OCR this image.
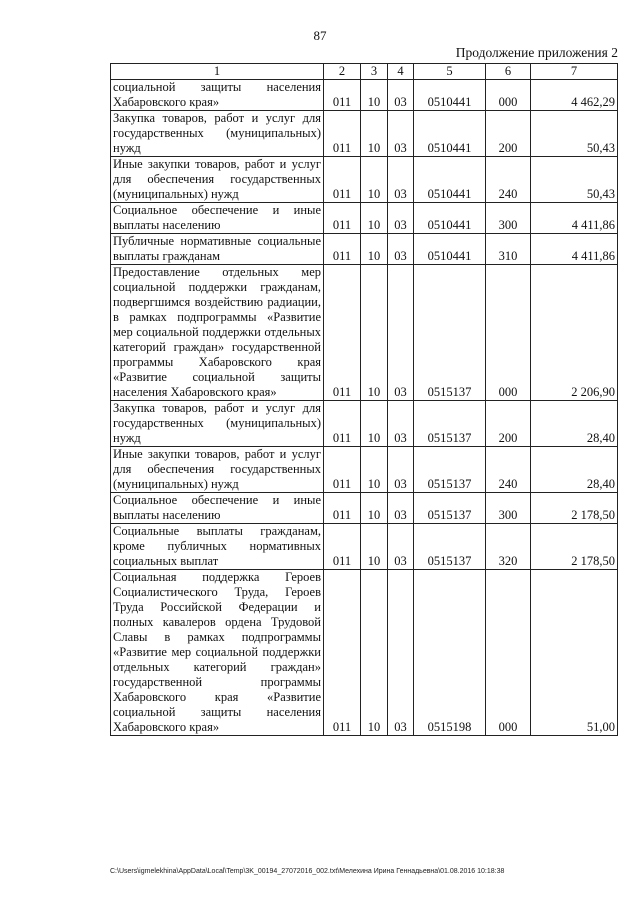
87
Продолжение приложения 2
1	2	3	4	5	6	7
социальной защиты населения Хабаровского края»	011	10	03	0510441	000	4 462,29
Закупка товаров, работ и услуг для государственных (муниципальных) нужд	011	10	03	0510441	200	50,43
Иные закупки товаров, работ и услуг для обеспечения государственных (муниципальных) нужд	011	10	03	0510441	240	50,43
Социальное обеспечение и иные выплаты населению	011	10	03	0510441	300	4 411,86
Публичные нормативные социальные выплаты гражданам	011	10	03	0510441	310	4 411,86
Предоставление отдельных мер социальной поддержки гражданам, подвергшимся воздействию радиации, в рамках подпрограммы «Развитие мер социальной поддержки отдельных категорий граждан» государственной программы Хабаровского края «Развитие социальной защиты населения Хабаровского края»	011	10	03	0515137	000	2 206,90
Закупка товаров, работ и услуг для государственных (муниципальных) нужд	011	10	03	0515137	200	28,40
Иные закупки товаров, работ и услуг для обеспечения государственных (муниципальных) нужд	011	10	03	0515137	240	28,40
Социальное обеспечение и иные выплаты населению	011	10	03	0515137	300	2 178,50
Социальные выплаты гражданам, кроме публичных нормативных социальных выплат	011	10	03	0515137	320	2 178,50
Социальная поддержка Героев Социалистического Труда, Героев Труда Российской Федерации и полных кавалеров ордена Трудовой Славы в рамках подпрограммы «Развитие мер социальной поддержки отдельных категорий граждан» государственной программы Хабаровского края «Развитие социальной защиты населения Хабаровского края»	011	10	03	0515198	000	51,00
C:\Users\igmelekhina\AppData\Local\Temp\3K_00194_27072016_002.txt\Мелехина Ирина Геннадьевна\01.08.2016 10:18:38
